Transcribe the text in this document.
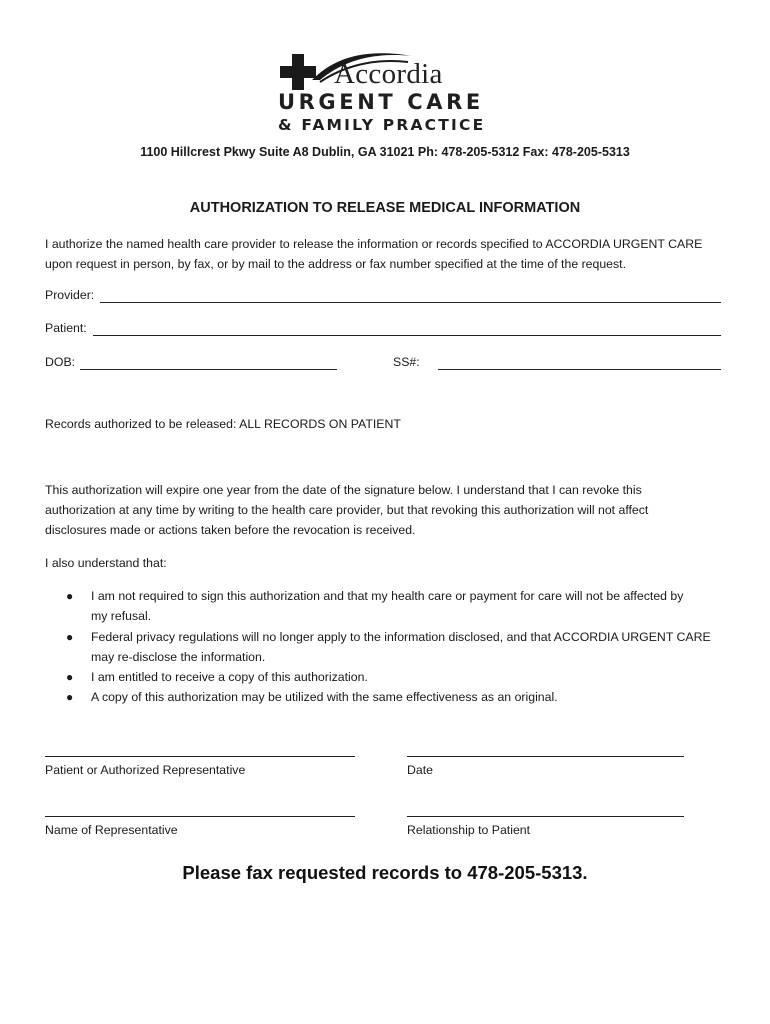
Accordia
URGENT CARE
& FAMILY PRACTICE
1100 Hillcrest Pkwy Suite A8 Dublin, GA 31021 Ph: 478-205-5312 Fax: 478-205-5313
AUTHORIZATION TO RELEASE MEDICAL INFORMATION
I authorize the named health care provider to release the information or records specified to ACCORDIA URGENT CARE
upon request in person, by fax, or by mail to the address or fax number specified at the time of the request.
Provider:
Patient:
DOB:	SS#:
Records authorized to be released: ALL RECORDS ON PATIENT
This authorization will expire one year from the date of the signature below. I understand that I can revoke this
authorization at any time by writing to the health care provider, but that revoking this authorization will not affect
disclosures made or actions taken before the revocation is received.
I also understand that:
● I am not required to sign this authorization and that my health care or payment for care will not be affected by
my refusal.
● Federal privacy regulations will no longer apply to the information disclosed, and that ACCORDIA URGENT CARE
may re-disclose the information.
● I am entitled to receive a copy of this authorization.
● A copy of this authorization may be utilized with the same effectiveness as an original.
Patient or Authorized Representative	Date
Name of Representative	Relationship to Patient
Please fax requested records to 478-205-5313.
